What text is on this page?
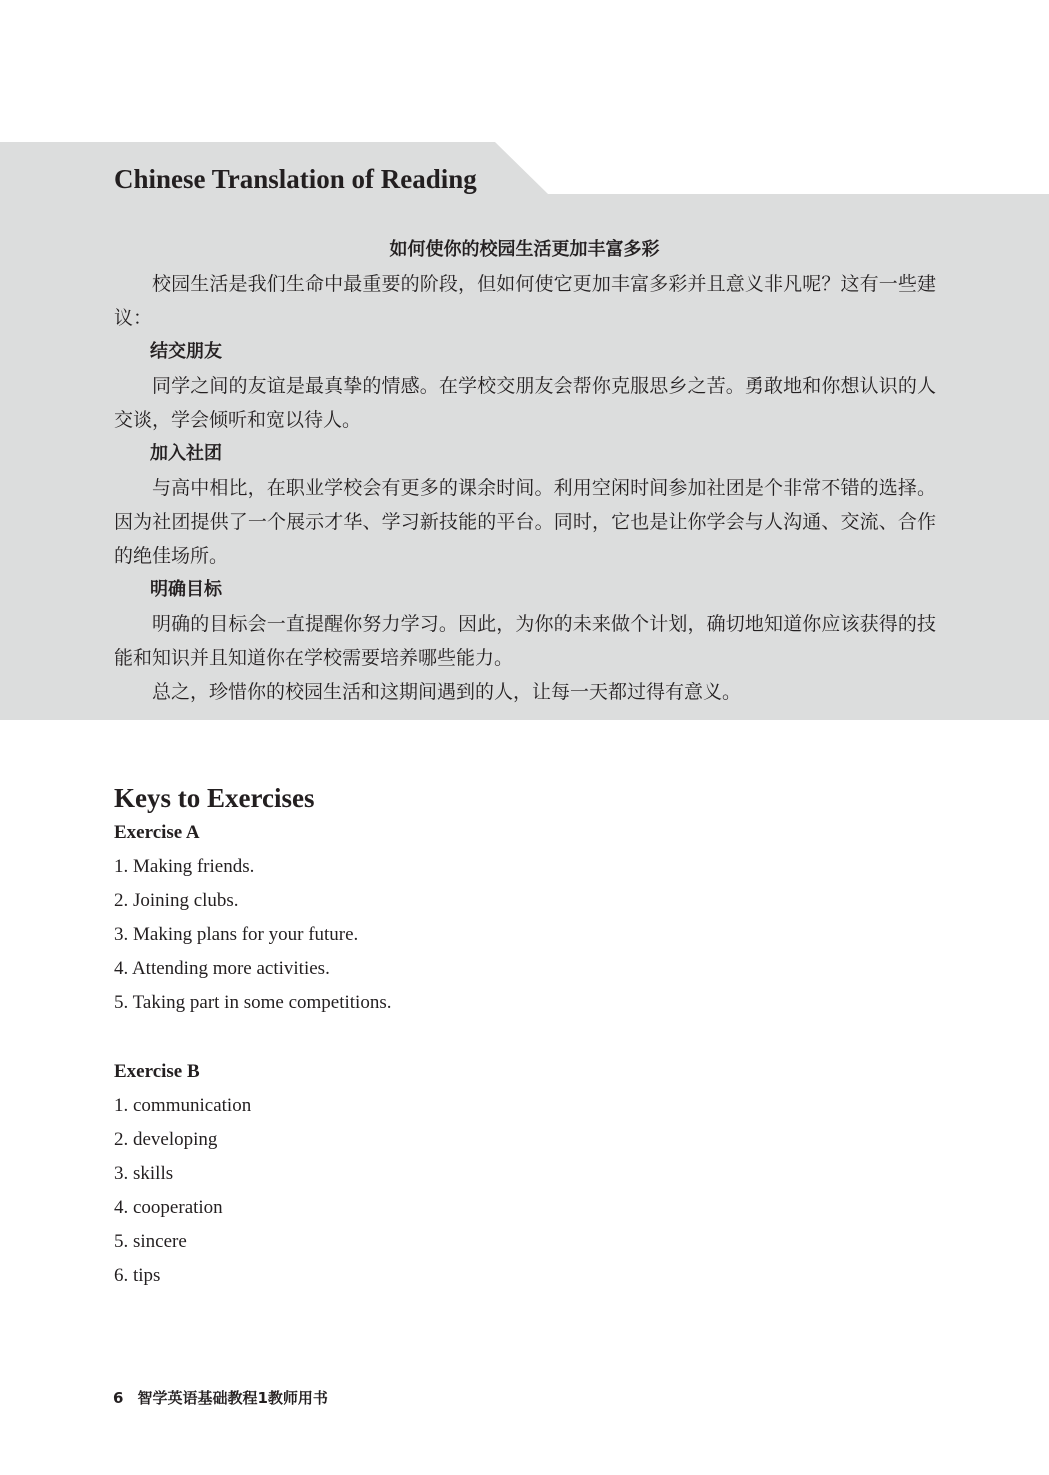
Chinese Translation of Reading
如何使你的校园生活更加丰富多彩

校园生活是我们生命中最重要的阶段，但如何使它更加丰富多彩并且意义非凡呢？这有一些建议：

结交朋友

同学之间的友谊是最真挚的情感。在学校交朋友会帮你克服思乡之苦。勇敢地和你想认识的人交谈，学会倾听和宽以待人。

加入社团

与高中相比，在职业学校会有更多的课余时间。利用空闲时间参加社团是个非常不错的选择。因为社团提供了一个展示才华、学习新技能的平台。同时，它也是让你学会与人沟通、交流、合作的绝佳场所。

明确目标

明确的目标会一直提醒你努力学习。因此，为你的未来做个计划，确切地知道你应该获得的技能和知识并且知道你在学校需要培养哪些能力。

总之，珍惜你的校园生活和这期间遇到的人，让每一天都过得有意义。

Keys to Exercises
Exercise A
1. Making friends.
2. Joining clubs.
3. Making plans for your future.
4. Attending more activities.
5. Taking part in some competitions.
Exercise B
1. communication
2. developing
3. skills
4. cooperation
5. sincere
6. tips
6 智学英语基础教程1教师用书
